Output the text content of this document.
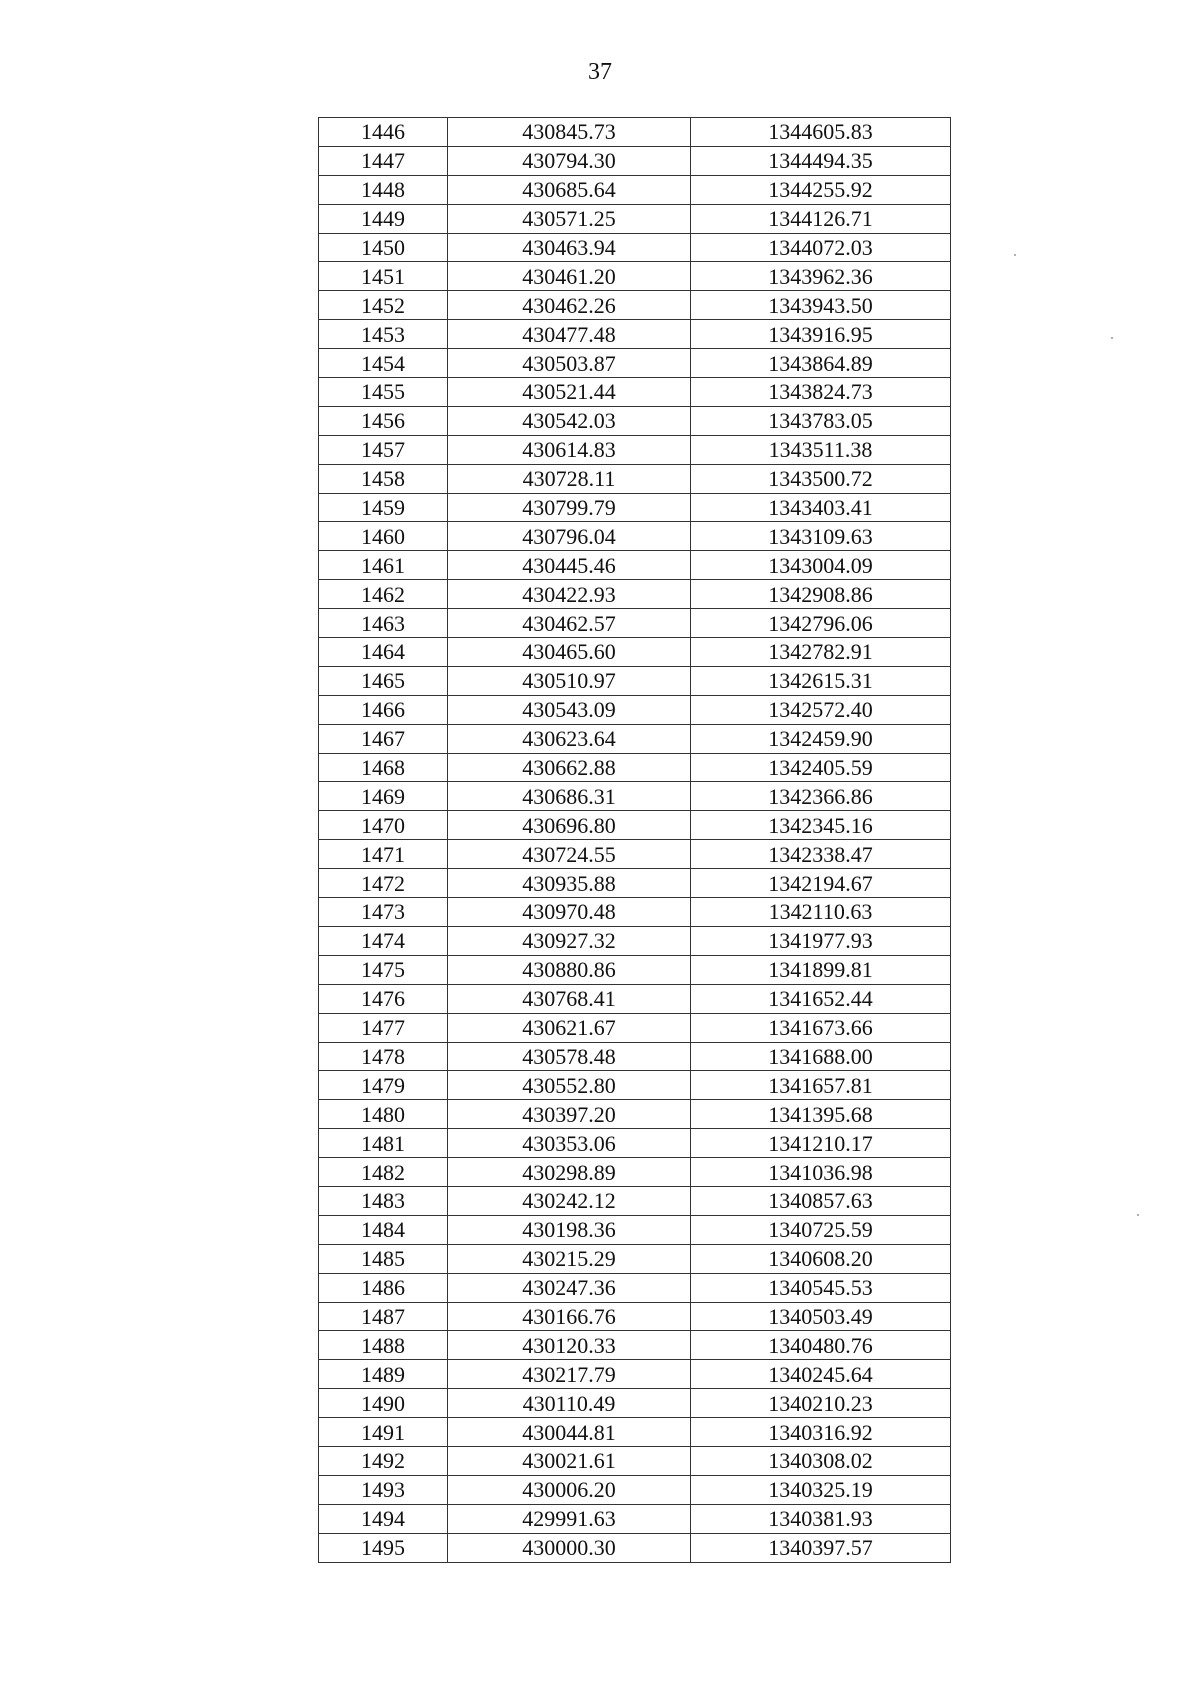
37
1446	430845.73	1344605.83
1447	430794.30	1344494.35
1448	430685.64	1344255.92
1449	430571.25	1344126.71
1450	430463.94	1344072.03
1451	430461.20	1343962.36
1452	430462.26	1343943.50
1453	430477.48	1343916.95
1454	430503.87	1343864.89
1455	430521.44	1343824.73
1456	430542.03	1343783.05
1457	430614.83	1343511.38
1458	430728.11	1343500.72
1459	430799.79	1343403.41
1460	430796.04	1343109.63
1461	430445.46	1343004.09
1462	430422.93	1342908.86
1463	430462.57	1342796.06
1464	430465.60	1342782.91
1465	430510.97	1342615.31
1466	430543.09	1342572.40
1467	430623.64	1342459.90
1468	430662.88	1342405.59
1469	430686.31	1342366.86
1470	430696.80	1342345.16
1471	430724.55	1342338.47
1472	430935.88	1342194.67
1473	430970.48	1342110.63
1474	430927.32	1341977.93
1475	430880.86	1341899.81
1476	430768.41	1341652.44
1477	430621.67	1341673.66
1478	430578.48	1341688.00
1479	430552.80	1341657.81
1480	430397.20	1341395.68
1481	430353.06	1341210.17
1482	430298.89	1341036.98
1483	430242.12	1340857.63
1484	430198.36	1340725.59
1485	430215.29	1340608.20
1486	430247.36	1340545.53
1487	430166.76	1340503.49
1488	430120.33	1340480.76
1489	430217.79	1340245.64
1490	430110.49	1340210.23
1491	430044.81	1340316.92
1492	430021.61	1340308.02
1493	430006.20	1340325.19
1494	429991.63	1340381.93
1495	430000.30	1340397.57
